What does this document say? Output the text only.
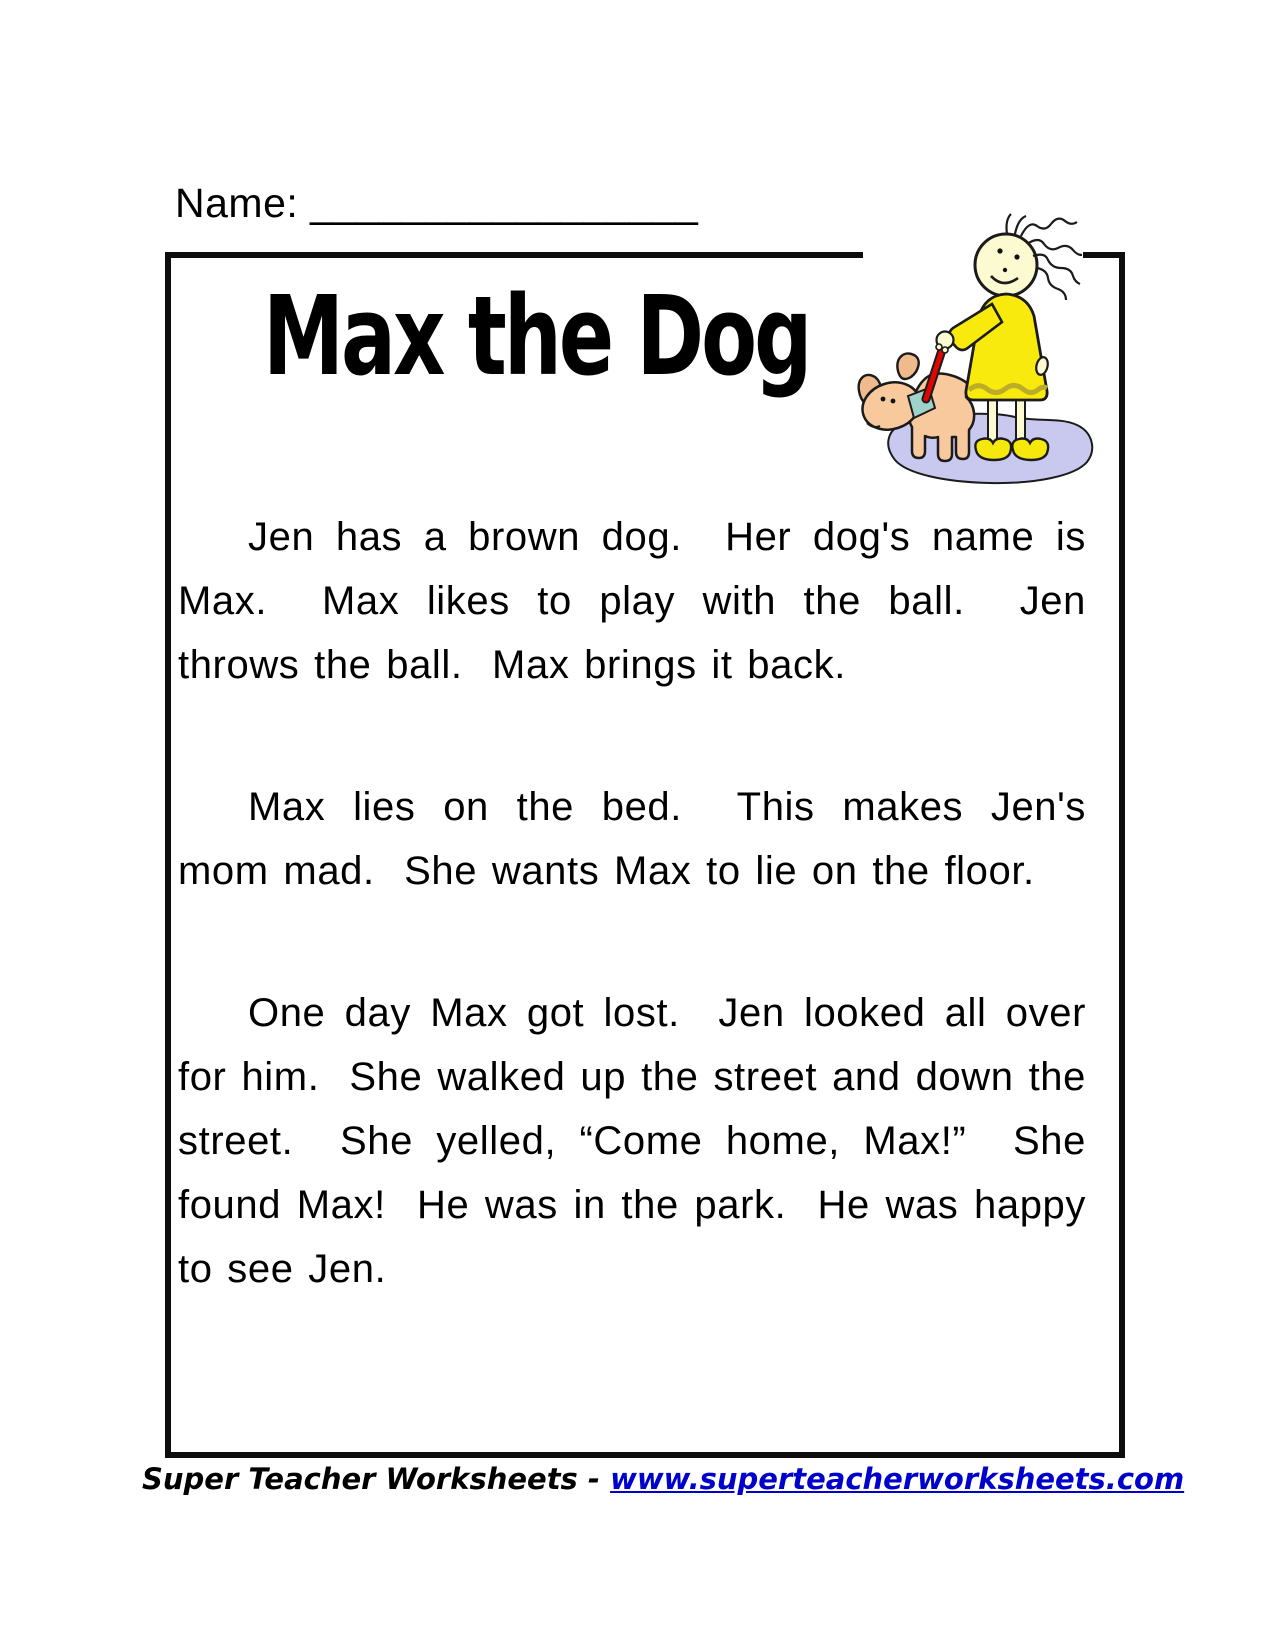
Name: _________________
Max the Dog

Jen has a brown dog.  Her dog's name is Max.  Max likes to play with the ball.  Jen throws the ball.  Max brings it back.

Max lies on the bed.  This makes Jen's mom mad.  She wants Max to lie on the floor.

One day Max got lost.  Jen looked all over for him.  She walked up the street and down the street.  She yelled, “Come home, Max!”  She found Max!  He was in the park.  He was happy to see Jen.

Super Teacher Worksheets - www.superteacherworksheets.com
